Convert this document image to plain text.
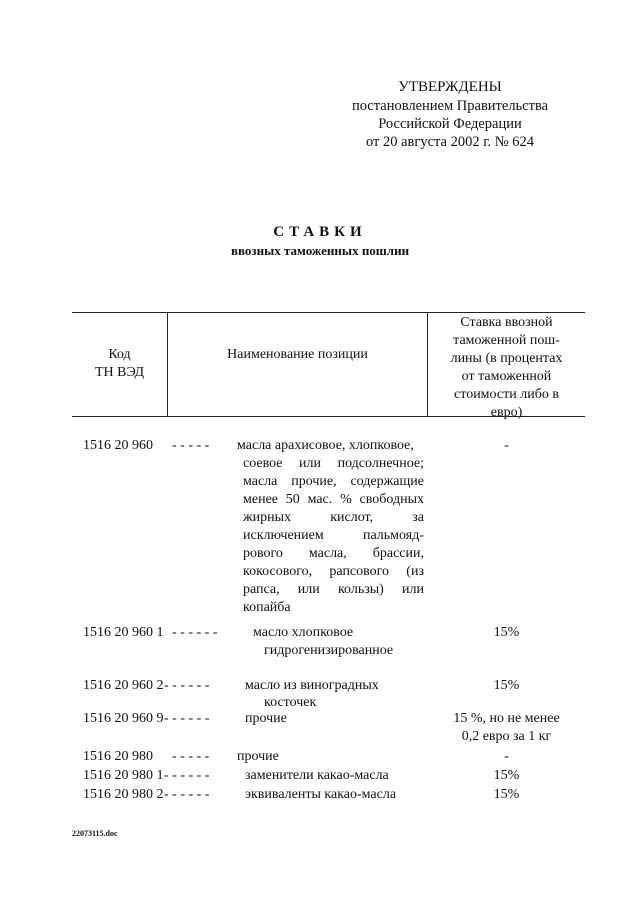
УТВЕРЖДЕНЫ
постановлением Правительства
Российской Федерации
от 20 августа 2002 г. № 624
СТАВКИ
ввозных таможенных пошлин
Код
ТН ВЭД
Наименование позиции
Ставка ввозной
таможенной пош-
лины (в процентах
от таможенной
стоимости либо в
евро)
1516 20 960 - - - - - масла арахисовое, хлопковое,
соевое или подсолнечное;
масла прочие, содержащие
менее 50 мас. % свободных
жирных кислот, за
исключением пальмояд-
рового масла, брассии,
кокосового, рапсового (из
рапса, или кользы) или
копайба
-
1516 20 960 1 - - - - - -	масло хлопковое
гидрогенизированное
15%
1516 20 960 2 - - - - - -	масло из виноградных
косточек
15%
1516 20 960 9 - - - - - -	прочие	15 %, но не менее
0,2 евро за 1 кг
1516 20 980 - - - - - прочие	-
1516 20 980 1 - - - - - -	заменители какао-масла	15%
1516 20 980 2 - - - - - -	эквиваленты какао-масла	15%
22073115.doc
